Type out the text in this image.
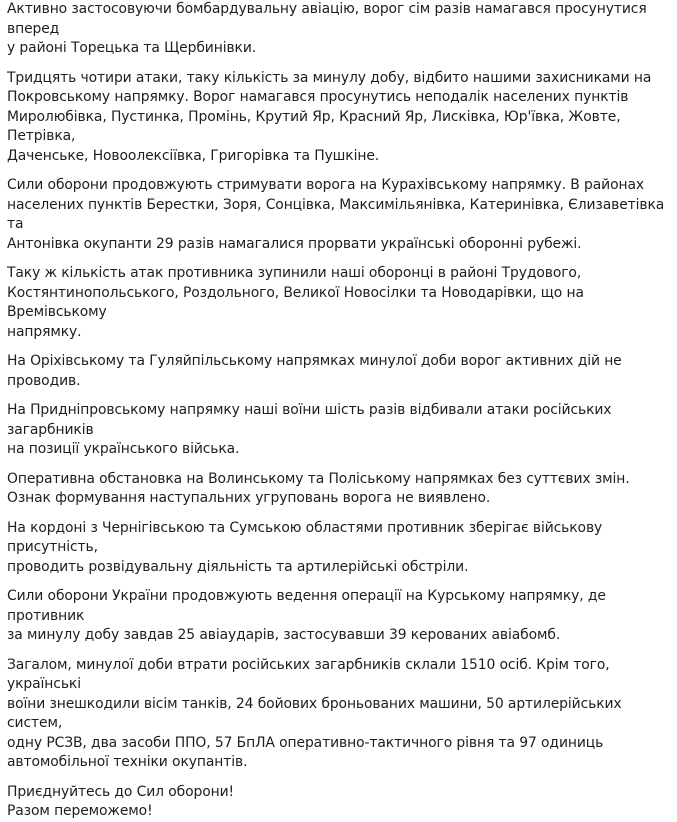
Активно застосовуючи бомбардувальну авіацію, ворог сім разів намагався просунутися вперед
у районі Торецька та Щербинівки.

Тридцять чотири атаки, таку кількість за минулу добу, відбито нашими захисниками на
Покровському напрямку. Ворог намагався просунутись неподалік населених пунктів
Миролюбівка, Пустинка, Промінь, Крутий Яр, Красний Яр, Лисківка, Юр'ївка, Жовте, Петрівка,
Даченське, Новоолексіївка, Григорівка та Пушкіне.

Сили оборони продовжують стримувати ворога на Курахівському напрямку. В районах
населених пунктів Берестки, Зоря, Сонцівка, Максимільянівка, Катеринівка, Єлизаветівка та
Антонівка окупанти 29 разів намагалися прорвати українські оборонні рубежі.

Таку ж кількість атак противника зупинили наші оборонці в районі Трудового,
Костянтинопольського, Роздольного, Великої Новосілки та Новодарівки, що на Времівському
напрямку.

На Оріхівському та Гуляйпільському напрямках минулої доби ворог активних дій не проводив.

На Придніпровському напрямку наші воїни шість разів відбивали атаки російських загарбників
на позиції українського війська.

Оперативна обстановка на Волинському та Поліському напрямках без суттєвих змін.
Ознак формування наступальних угруповань ворога не виявлено.

На кордоні з Чернігівською та Сумською областями противник зберігає військову присутність,
проводить розвідувальну діяльність та артилерійські обстріли.

Сили оборони України продовжують ведення операції на Курському напрямку, де противник
за минулу добу завдав 25 авіаударів, застосувавши 39 керованих авіабомб.

Загалом, минулої доби втрати російських загарбників склали 1510 осіб. Крім того, українські
воїни знешкодили вісім танків, 24 бойових броньованих машини, 50 артилерійських систем,
одну РСЗВ, два засоби ППО, 57 БпЛА оперативно-тактичного рівня та 97 одиниць
автомобільної техніки окупантів.

Приєднуйтесь до Сил оборони!
Разом переможемо!
